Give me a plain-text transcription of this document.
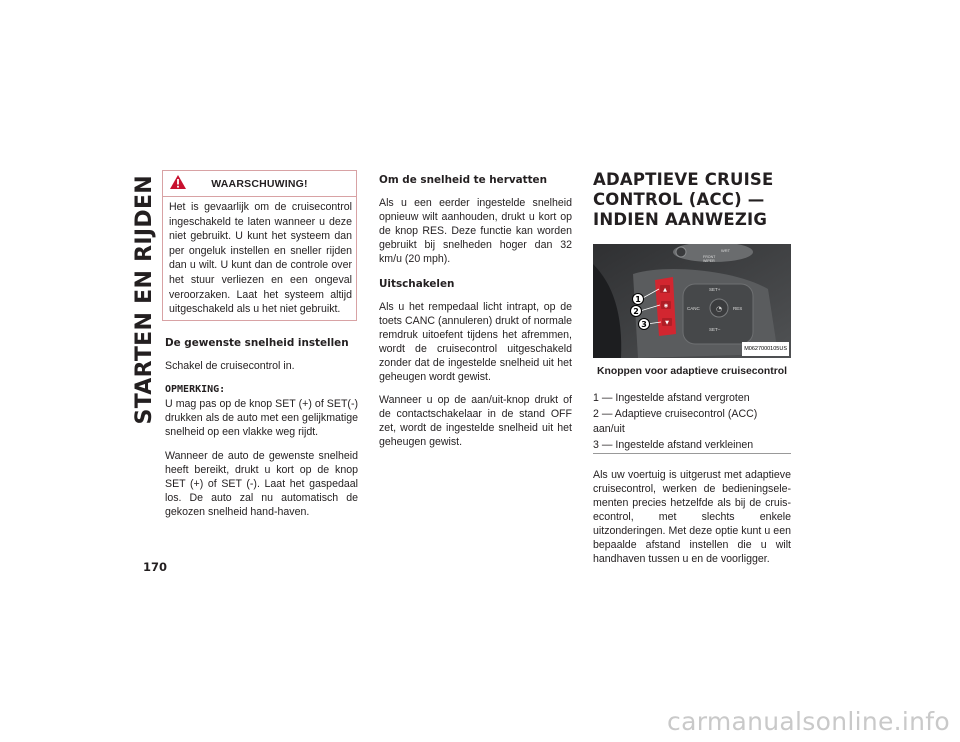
STARTEN EN RIJDEN
170
WAARSCHUWING!
Het is gevaarlijk om de cruisecontrol ingeschakeld te laten wanneer u deze niet gebruikt. U kunt het systeem dan per ongeluk instellen en sneller rijden dan u wilt. U kunt dan de controle over het stuur verliezen en een ongeval veroorzaken. Laat het systeem altijd uitgeschakeld als u het niet gebruikt.
De gewenste snelheid instellen

Schakel de cruisecontrol in.

OPMERKING:

U mag pas op de knop SET (+) of SET(-) drukken als de auto met een gelijkmatige snelheid op een vlakke weg rijdt.

Wanneer de auto de gewenste snelheid heeft bereikt, drukt u kort op de knop SET (+) of SET (-). Laat het gaspedaal los. De auto zal nu automatisch de gekozen snelheid hand-haven.

Om de snelheid te hervatten

Als u een eerder ingestelde snelheid opnieuw wilt aanhouden, drukt u kort op de knop RES. Deze functie kan worden gebruikt bij snelheden hoger dan 32 km/u (20 mph).

Uitschakelen

Als u het rempedaal licht intrapt, op de toets CANC (annuleren) drukt of normale remdruk uitoefent tijdens het afremmen, wordt de cruisecontrol uitgeschakeld zonder dat de ingestelde snelheid uit het geheugen wordt gewist.

Wanneer u op de aan/uit-knop drukt of de contactschakelaar in de stand OFF zet, wordt de ingestelde snelheid uit het geheugen gewist.

ADAPTIEVE CRUISE CONTROL (ACC) — INDIEN AANWEZIG
WRT
FRONT
WIPER
▲
◉
▼
◔
SET+
CANC	RES
SET–
1
2
3
M0627000105US
Knoppen voor adaptieve cruisecontrol
1 — Ingestelde afstand vergroten
2 — Adaptieve cruisecontrol (ACC) aan/uit
3 — Ingestelde afstand verkleinen

Als uw voertuig is uitgerust met adaptieve cruisecontrol, werken de bedieningsele-menten precies hetzelfde als bij de cruis-econtrol, met slechts enkele uitzonderingen. Met deze optie kunt u een bepaalde afstand instellen die u wilt handhaven tussen u en de voorligger.

carmanualsonline.info
